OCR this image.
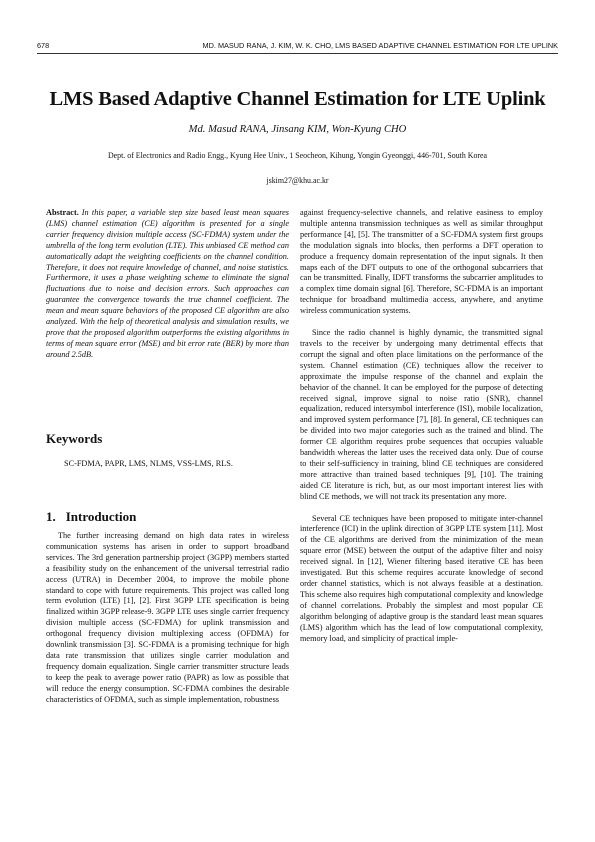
678	MD. MASUD RANA, J. KIM, W. K. CHO, LMS BASED ADAPTIVE CHANNEL ESTIMATION FOR LTE UPLINK
LMS Based Adaptive Channel Estimation for LTE Uplink
Md. Masud RANA, Jinsang KIM, Won-Kyung CHO
Dept. of Electronics and Radio Engg., Kyung Hee Univ., 1 Seocheon, Kihung, Yongin Gyeonggi, 446-701, South Korea
jskim27@khu.ac.kr

Abstract. In this paper, a variable step size based least mean squares (LMS) channel estimation (CE) algorithm is presented for a single carrier frequency division multiple access (SC-FDMA) system under the umbrella of the long term evolution (LTE). This unbiased CE method can automatically adapt the weighting coefficients on the channel condition. Therefore, it does not require knowledge of channel, and noise statistics. Furthermore, it uses a phase weighting scheme to eliminate the signal fluctuations due to noise and decision errors. Such approaches can guarantee the convergence towards the true channel coefficient. The mean and mean square behaviors of the proposed CE algorithm are also analyzed. With the help of theoretical analysis and simulation results, we prove that the proposed algorithm outperforms the existing algorithms in terms of mean square error (MSE) and bit error rate (BER) by more than around 2.5dB.

Keywords
SC-FDMA, PAPR, LMS, NLMS, VSS-LMS, RLS.
1. Introduction

The further increasing demand on high data rates in wireless communication systems has arisen in order to support broadband services. The 3rd generation partnership project (3GPP) members started a feasibility study on the enhancement of the universal terrestrial radio access (UTRA) in December 2004, to improve the mobile phone standard to cope with future requirements. This project was called long term evolution (LTE) [1], [2]. First 3GPP LTE specification is being finalized within 3GPP release-9. 3GPP LTE uses single carrier frequency division multiple access (SC-FDMA) for uplink transmission and orthogonal frequency division multiplexing access (OFDMA) for downlink transmission [3]. SC-FDMA is a promising technique for high data rate transmission that utilizes single carrier modulation and frequency domain equalization. Single carrier transmitter structure leads to keep the peak to average power ratio (PAPR) as low as possible that will reduce the energy consumption. SC-FDMA combines the desirable characteristics of OFDMA, such as simple implementation, robustness

against frequency-selective channels, and relative easiness to employ multiple antenna transmission techniques as well as similar throughput performance [4], [5]. The transmitter of a SC-FDMA system first groups the modulation signals into blocks, then performs a DFT operation to produce a frequency domain representation of the input signals. It then maps each of the DFT outputs to one of the orthogonal subcarriers that can be transmitted. Finally, IDFT transforms the subcarrier amplitudes to a complex time domain signal [6]. Therefore, SC-FDMA is an important technique for broadband multimedia access, anywhere, and anytime wireless communication systems.

Since the radio channel is highly dynamic, the transmitted signal travels to the receiver by undergoing many detrimental effects that corrupt the signal and often place limitations on the performance of the system. Channel estimation (CE) techniques allow the receiver to approximate the impulse response of the channel and explain the behavior of the channel. It can be employed for the purpose of detecting received signal, improve signal to noise ratio (SNR), channel equalization, reduced intersymbol interference (ISI), mobile localization, and improved system performance [7], [8]. In general, CE techniques can be divided into two major categories such as the trained and blind. The former CE algorithm requires probe sequences that occupies valuable bandwidth whereas the latter uses the received data only. Due of course to their self-sufficiency in training, blind CE techniques are considered more attractive than trained based techniques [9], [10]. The training aided CE literature is rich, but, as our most important interest lies with blind CE methods, we will not track its presentation any more.

Several CE techniques have been proposed to mitigate inter-channel interference (ICI) in the uplink direction of 3GPP LTE system [11]. Most of the CE algorithms are derived from the minimization of the mean square error (MSE) between the output of the adaptive filter and noisy received signal. In [12], Wiener filtering based iterative CE has been investigated. But this scheme requires accurate knowledge of second order channel statistics, which is not always feasible at a destination. This scheme also requires high computational complexity and knowledge of channel correlations. Probably the simplest and most popular CE algorithm belonging of adaptive group is the standard least mean squares (LMS) algorithm which has the lead of low computational complexity, memory load, and simplicity of practical imple-
